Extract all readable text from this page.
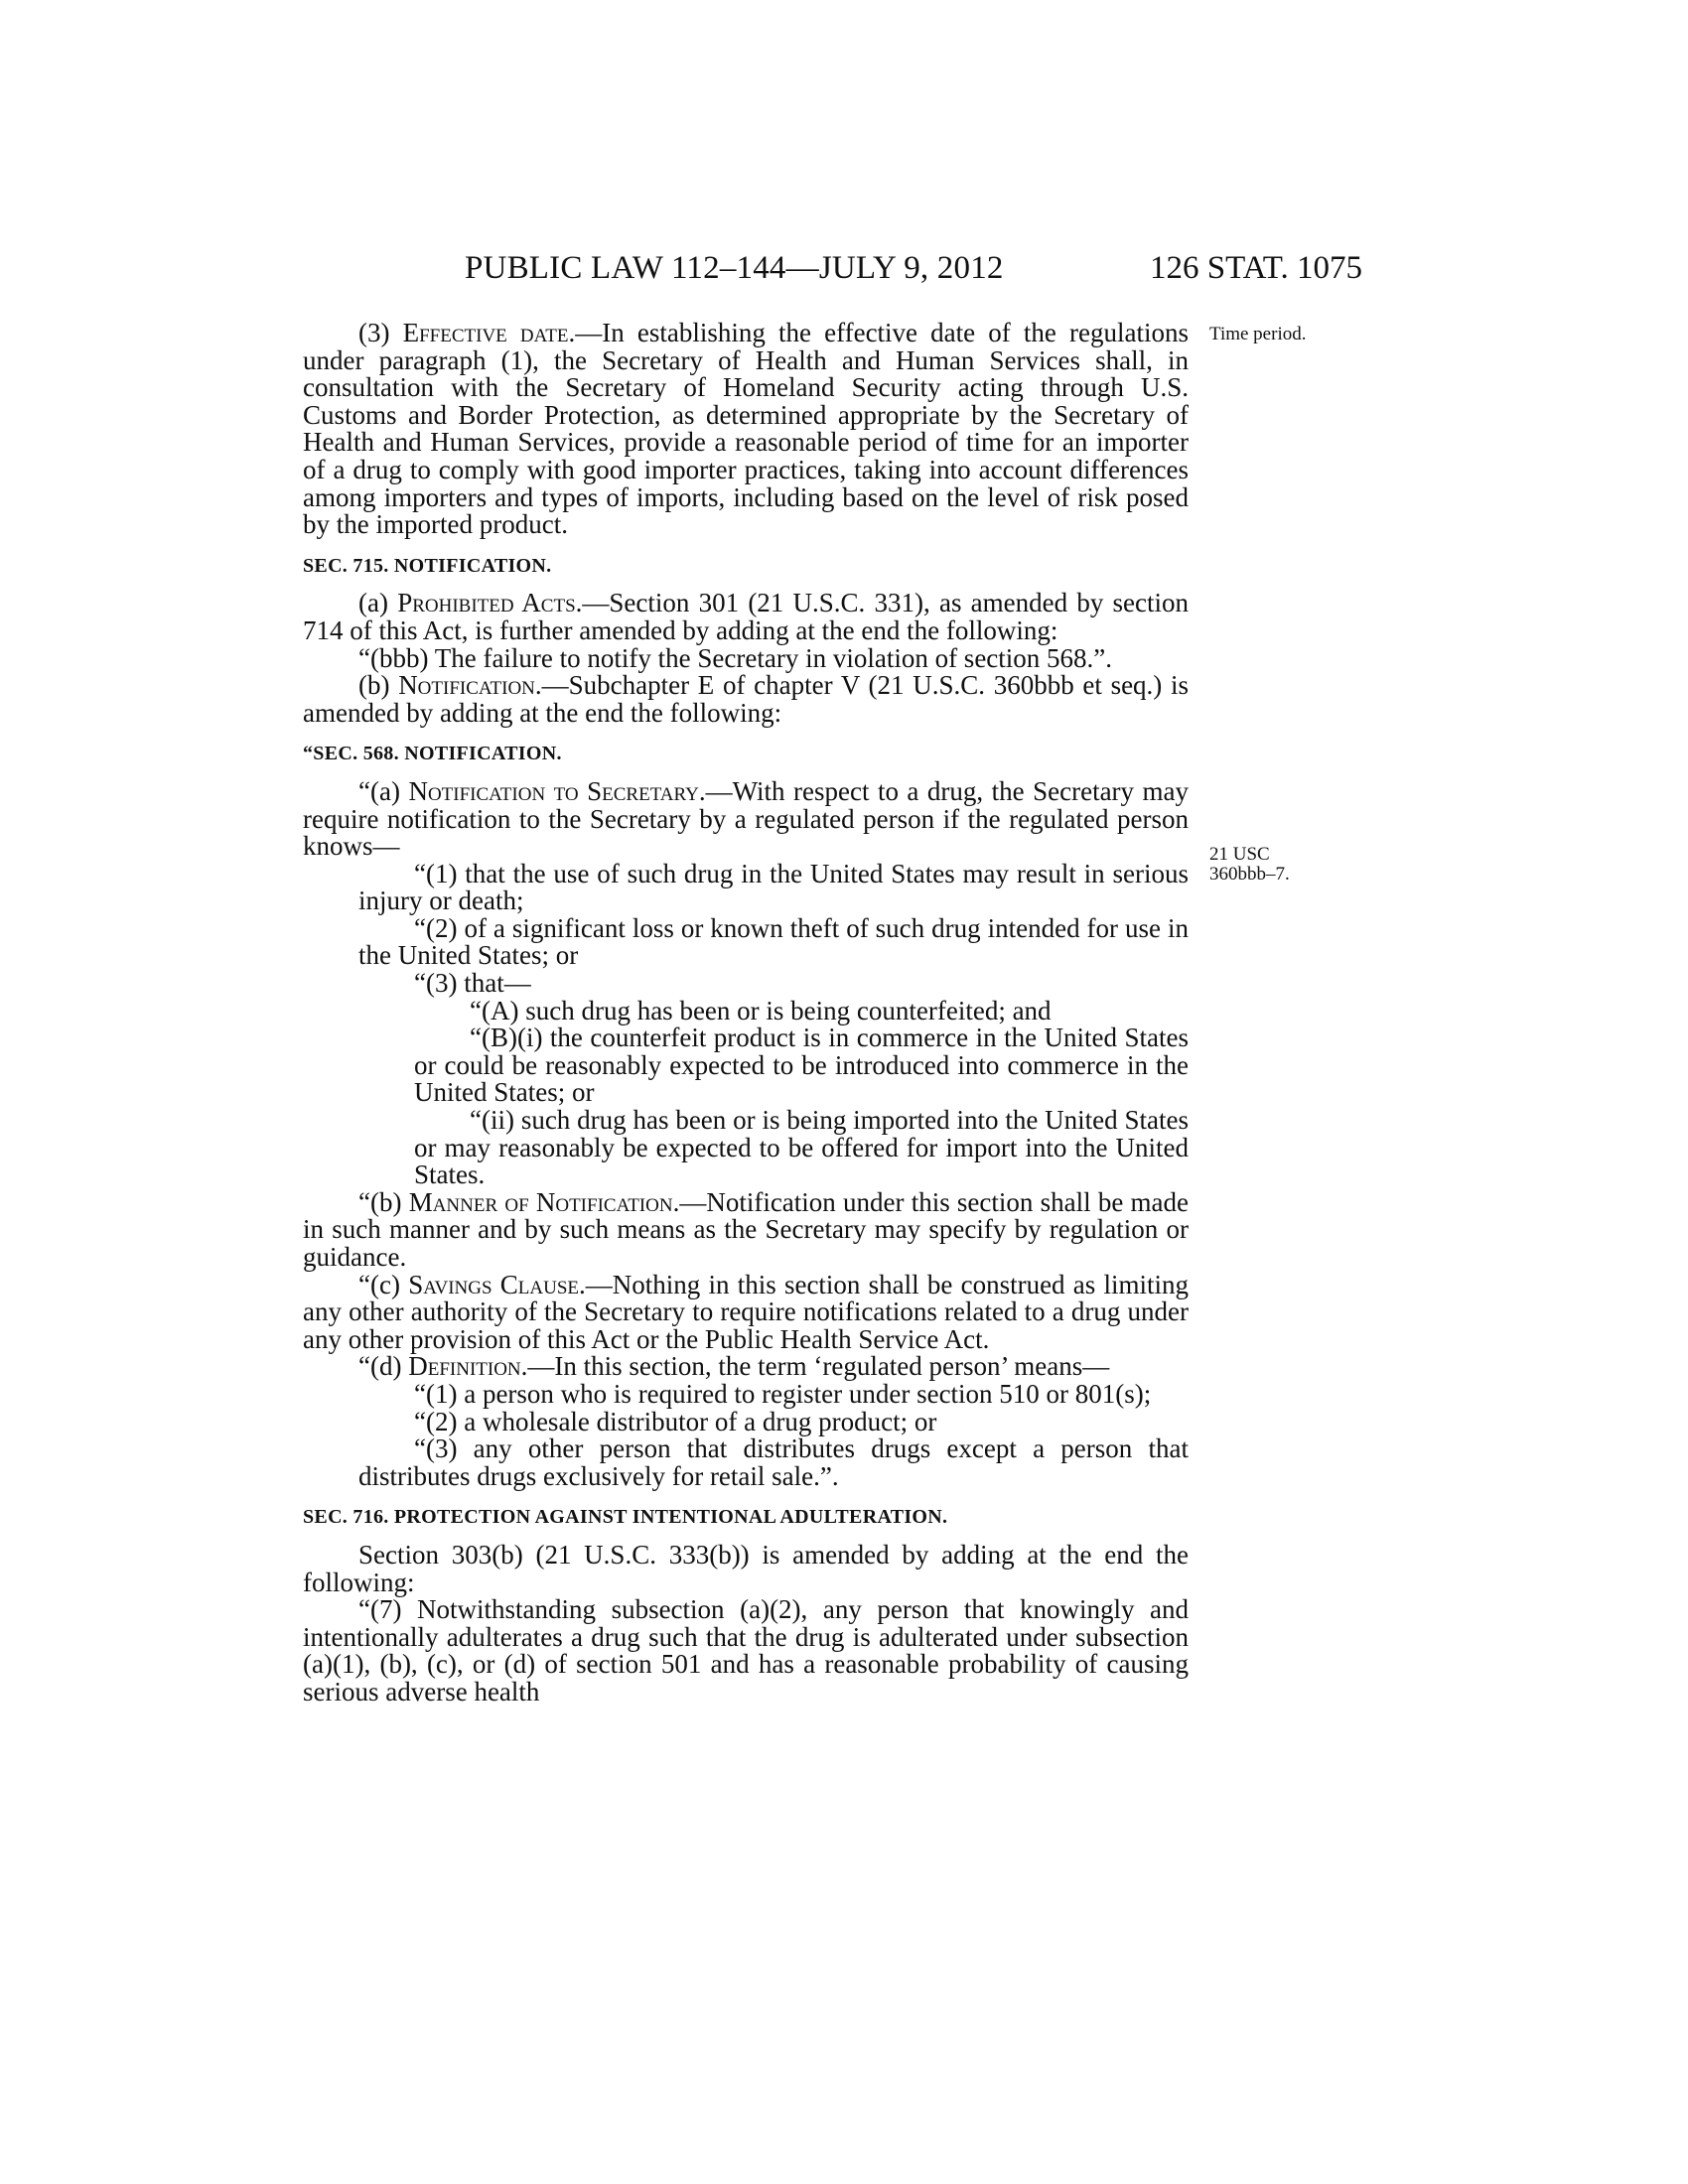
PUBLIC LAW 112–144—JULY 9, 2012	126 STAT. 1075
Time period.
21 USC
360bbb–7.

(3) Effective date.—In establishing the effective date of the regulations under paragraph (1), the Secretary of Health and Human Services shall, in consultation with the Secretary of Homeland Security acting through U.S. Customs and Border Protection, as determined appropriate by the Secretary of Health and Human Services, provide a reasonable period of time for an importer of a drug to comply with good importer practices, taking into account differences among importers and types of imports, including based on the level of risk posed by the imported product.

SEC. 715. NOTIFICATION.

(a) Prohibited Acts.—Section 301 (21 U.S.C. 331), as amended by section 714 of this Act, is further amended by adding at the end the following:

“(bbb) The failure to notify the Secretary in violation of section 568.”.

(b) Notification.—Subchapter E of chapter V (21 U.S.C. 360bbb et seq.) is amended by adding at the end the following:

“SEC. 568. NOTIFICATION.

“(a) Notification to Secretary.—With respect to a drug, the Secretary may require notification to the Secretary by a regulated person if the regulated person knows—

“(1) that the use of such drug in the United States may result in serious injury or death;

“(2) of a significant loss or known theft of such drug intended for use in the United States; or

“(3) that—

“(A) such drug has been or is being counterfeited; and

“(B)(i) the counterfeit product is in commerce in the United States or could be reasonably expected to be introduced into commerce in the United States; or

“(ii) such drug has been or is being imported into the United States or may reasonably be expected to be offered for import into the United States.

“(b) Manner of Notification.—Notification under this section shall be made in such manner and by such means as the Secretary may specify by regulation or guidance.

“(c) Savings Clause.—Nothing in this section shall be construed as limiting any other authority of the Secretary to require notifications related to a drug under any other provision of this Act or the Public Health Service Act.

“(d) Definition.—In this section, the term ‘regulated person’ means—

“(1) a person who is required to register under section 510 or 801(s);

“(2) a wholesale distributor of a drug product; or

“(3) any other person that distributes drugs except a person that distributes drugs exclusively for retail sale.”.

SEC. 716. PROTECTION AGAINST INTENTIONAL ADULTERATION.

Section 303(b) (21 U.S.C. 333(b)) is amended by adding at the end the following:

“(7) Notwithstanding subsection (a)(2), any person that knowingly and intentionally adulterates a drug such that the drug is adulterated under subsection (a)(1), (b), (c), or (d) of section 501 and has a reasonable probability of causing serious adverse health
